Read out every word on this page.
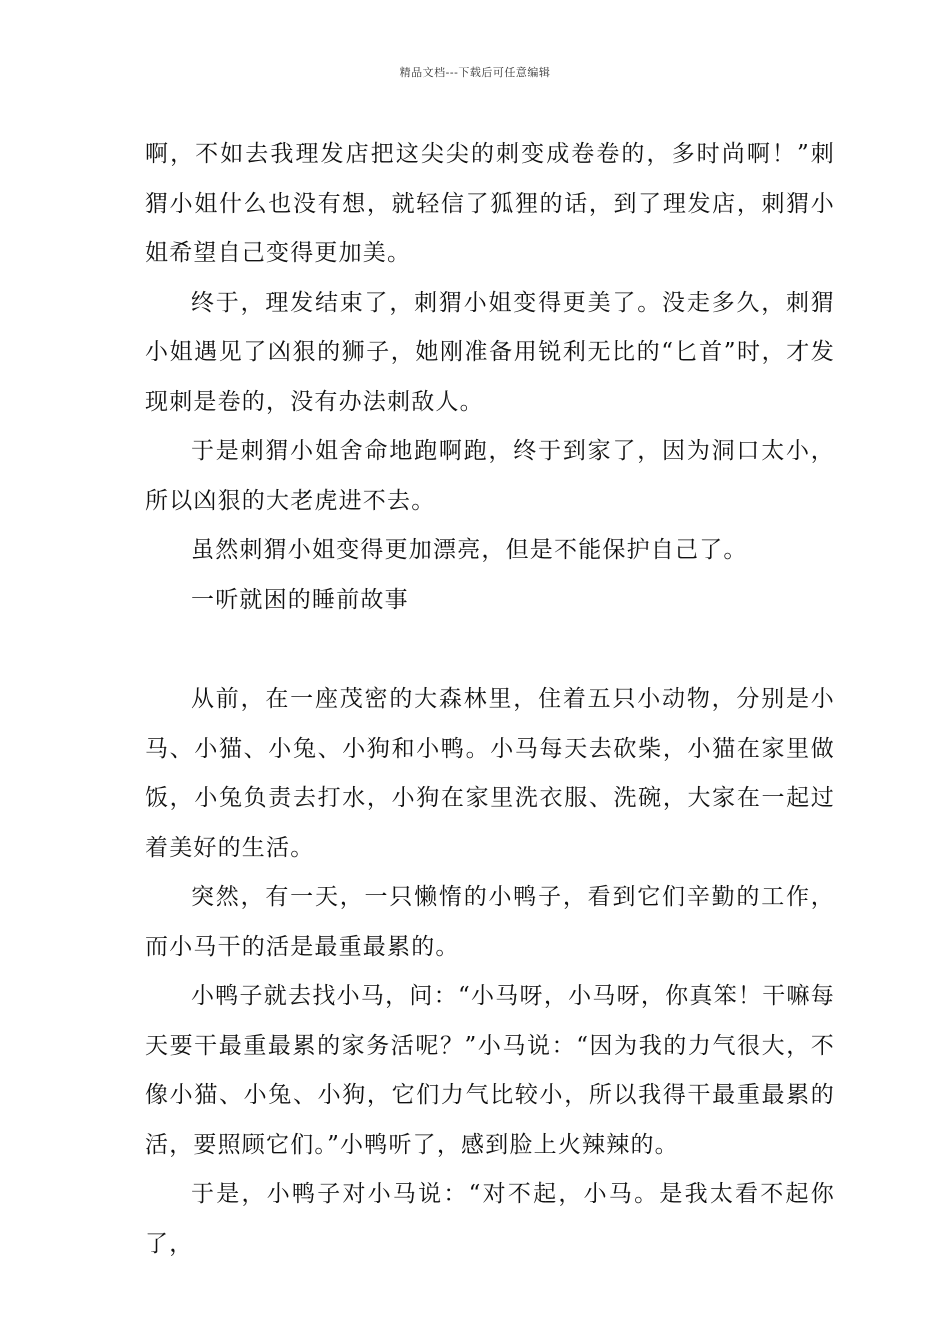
精品文档---下载后可任意编辑

啊，不如去我理发店把这尖尖的刺变成卷卷的，多时尚啊！”刺猬小姐什么也没有想，就轻信了狐狸的话，到了理发店，刺猬小姐希望自己变得更加美。

终于，理发结束了，刺猬小姐变得更美了。没走多久，刺猬小姐遇见了凶狠的狮子，她刚准备用锐利无比的“匕首”时，才发现刺是卷的，没有办法刺敌人。

于是刺猬小姐舍命地跑啊跑，终于到家了，因为洞口太小，所以凶狠的大老虎进不去。

虽然刺猬小姐变得更加漂亮，但是不能保护自己了。

一听就困的睡前故事

从前，在一座茂密的大森林里，住着五只小动物，分别是小马、小猫、小兔、小狗和小鸭。小马每天去砍柴，小猫在家里做饭，小兔负责去打水，小狗在家里洗衣服、洗碗，大家在一起过着美好的生活。

突然，有一天，一只懒惰的小鸭子，看到它们辛勤的工作，而小马干的活是最重最累的。

小鸭子就去找小马，问：“小马呀，小马呀，你真笨！干嘛每天要干最重最累的家务活呢？”小马说：“因为我的力气很大，不像小猫、小兔、小狗，它们力气比较小，所以我得干最重最累的活，要照顾它们。”小鸭听了，感到脸上火辣辣的。

于是，小鸭子对小马说：“对不起，小马。是我太看不起你了，
